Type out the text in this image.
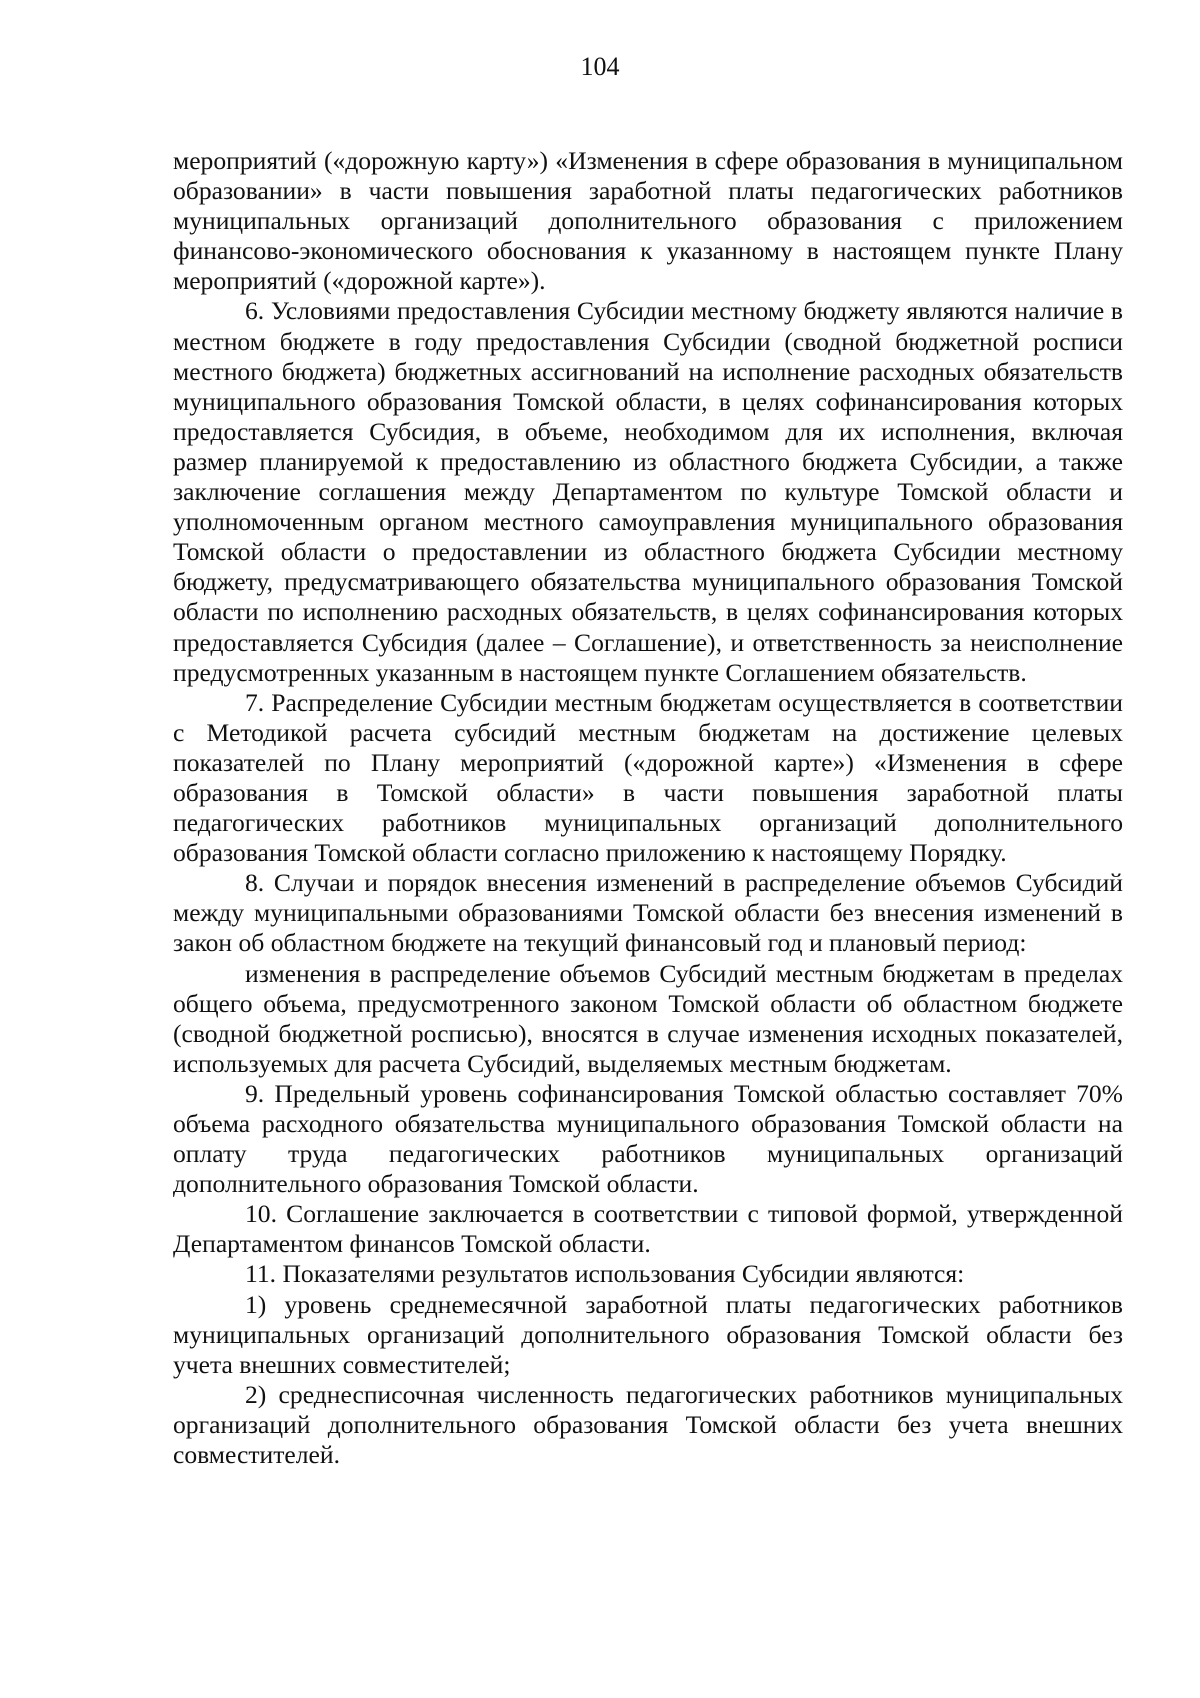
104

мероприятий («дорожную карту») «Изменения в сфере образования в муниципальном образовании» в части повышения заработной платы педагогических работников муниципальных организаций дополнительного образования с приложением финансово-экономического обоснования к указанному в настоящем пункте Плану мероприятий («дорожной карте»).

6. Условиями предоставления Субсидии местному бюджету являются наличие в местном бюджете в году предоставления Субсидии (сводной бюджетной росписи местного бюджета) бюджетных ассигнований на исполнение расходных обязательств муниципального образования Томской области, в целях софинансирования которых предоставляется Субсидия, в объеме, необходимом для их исполнения, включая размер планируемой к предоставлению из областного бюджета Субсидии, а также заключение соглашения между Департаментом по культуре Томской области и уполномоченным органом местного самоуправления муниципального образования Томской области о предоставлении из областного бюджета Субсидии местному бюджету, предусматривающего обязательства муниципального образования Томской области по исполнению расходных обязательств, в целях софинансирования которых предоставляется Субсидия (далее – Соглашение), и ответственность за неисполнение предусмотренных указанным в настоящем пункте Соглашением обязательств.

7. Распределение Субсидии местным бюджетам осуществляется в соответствии с Методикой расчета субсидий местным бюджетам на достижение целевых показателей по Плану мероприятий («дорожной карте») «Изменения в сфере образования в Томской области» в части повышения заработной платы педагогических работников муниципальных организаций дополнительного образования Томской области согласно приложению к настоящему Порядку.

8. Случаи и порядок внесения изменений в распределение объемов Субсидий между муниципальными образованиями Томской области без внесения изменений в закон об областном бюджете на текущий финансовый год и плановый период:

изменения в распределение объемов Субсидий местным бюджетам в пределах общего объема, предусмотренного законом Томской области об областном бюджете (сводной бюджетной росписью), вносятся в случае изменения исходных показателей, используемых для расчета Субсидий, выделяемых местным бюджетам.

9. Предельный уровень софинансирования Томской областью составляет 70% объема расходного обязательства муниципального образования Томской области на оплату труда педагогических работников муниципальных организаций дополнительного образования Томской области.

10. Соглашение заключается в соответствии с типовой формой, утвержденной Департаментом финансов Томской области.

11. Показателями результатов использования Субсидии являются:

1) уровень среднемесячной заработной платы педагогических работников муниципальных организаций дополнительного образования Томской области без учета внешних совместителей;

2) среднесписочная численность педагогических работников муниципальных организаций дополнительного образования Томской области без учета внешних совместителей.
